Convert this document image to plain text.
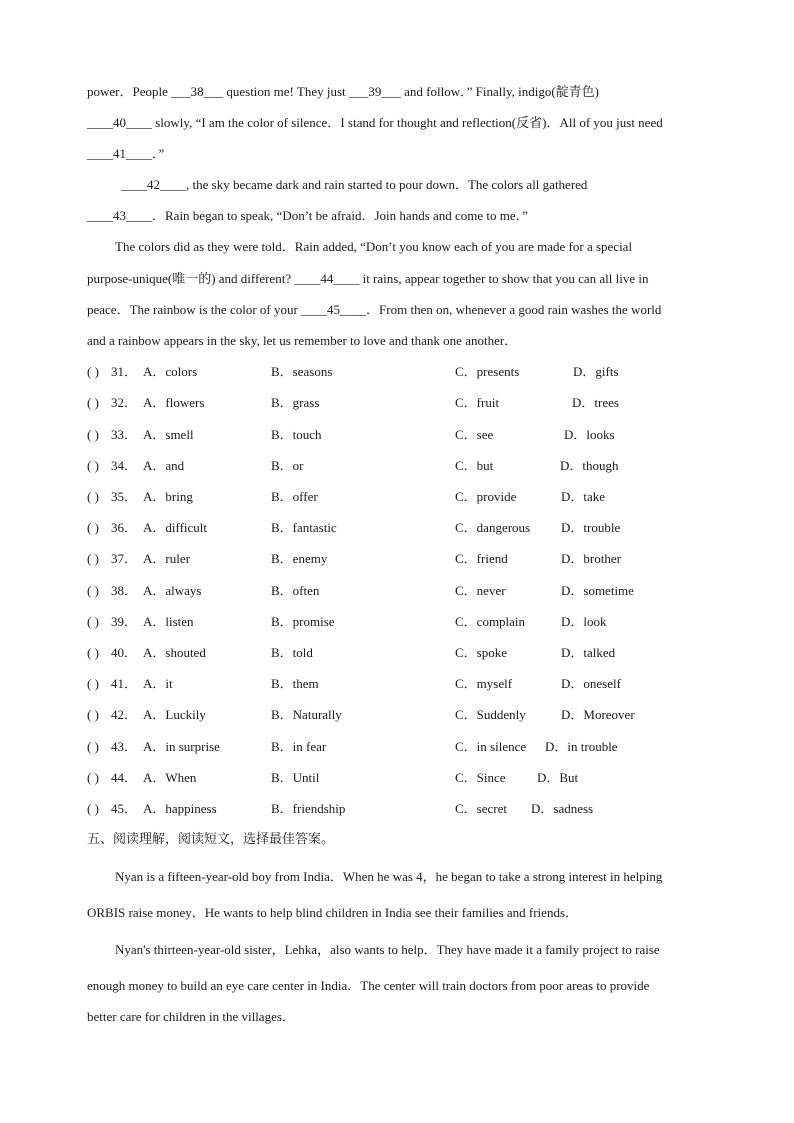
power．People ___38___ question me! They just ___39___ and follow．” Finally, indigo(靛青色)
____40____ slowly, “I am the color of silence．I stand for thought and reflection(反省)．All of you just need
____41____．”
____42____, the sky became dark and rain started to pour down．The colors all gathered
____43____．Rain began to speak, “Don’t be afraid．Join hands and come to me．”
The colors did as they were told．Rain added, “Don’t you know each of you are made for a special
purpose-unique(唯一的) and different? ____44____ it rains, appear together to show that you can all live in
peace．The rainbow is the color of your ____45____．From then on, whenever a good rain washes the world
and a rainbow appears in the sky, let us remember to love and thank one another．
( ) 31． A．colors	B．seasons	C．presents	D．gifts
( ) 32． A．flowers	B．grass	C．fruit	D．trees
( ) 33． A．smell	B．touch	C．see	D．looks
( ) 34． A．and	B．or	C．but	D．though
( ) 35． A．bring	B．offer	C．provide	D．take
( ) 36． A．difficult	B．fantastic	C．dangerous D．trouble
( ) 37． A．ruler	B．enemy	C．friend	D．brother
( ) 38． A．always	B．often	C．never	D．sometime
( ) 39． A．listen	B．promise	C．complain	D．look
( ) 40． A．shouted	B．told	C．spoke	D．talked
( ) 41． A．it	B．them	C．myself	D．oneself
( ) 42． A．Luckily	B．Naturally	C．Suddenly	D．Moreover
( ) 43． A．in surprise	B．in fear	C．in silence D．in trouble
( ) 44． A．When	B．Until	C．Since D．But
( ) 45． A．happiness	B．friendship	C．secret D．sadness
五、阅读理解，阅读短文，选择最佳答案。
Nyan is a fifteen-year-old boy from India．When he was 4，he began to take a strong interest in helping
ORBIS raise money．He wants to help blind children in India see their families and friends．
Nyan's thirteen-year-old sister，Lehka，also wants to help．They have made it a family project to raise
enough money to build an eye care center in India．The center will train doctors from poor areas to provide
better care for children in the villages．
